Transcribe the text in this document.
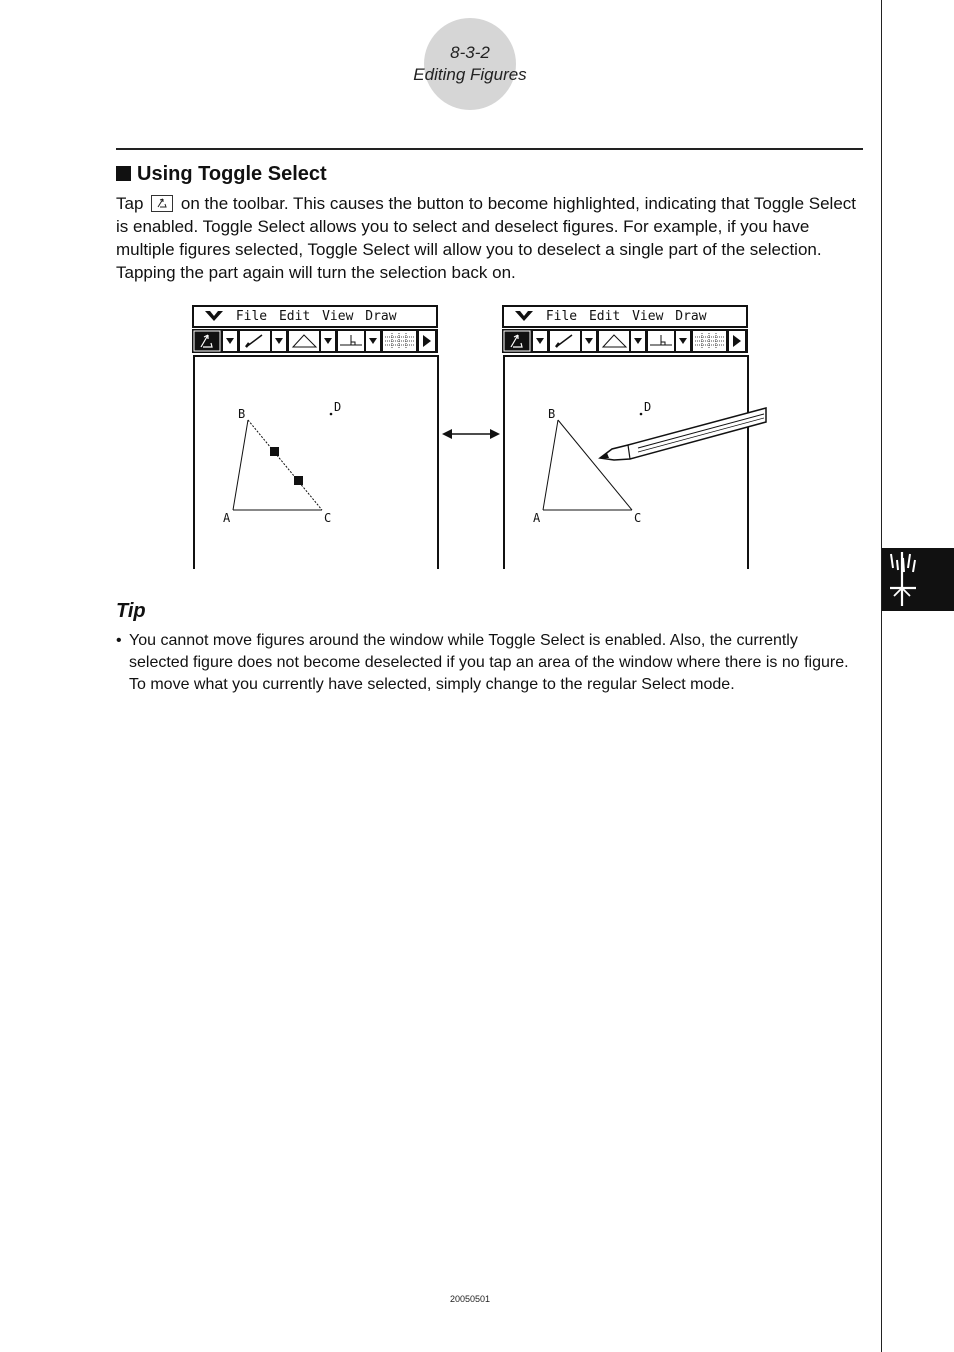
8-3-2
Editing Figures
Using Toggle Select
Tap on the toolbar. This causes the button to become highlighted, indicating that Toggle Select is enabled. Toggle Select allows you to select and deselect figures. For example, if you have multiple figures selected, Toggle Select will allow you to deselect a single part of the selection. Tapping the part again will turn the selection back on.
File Edit View Draw
B
A	C
D
File Edit View Draw
B
A	C
D
Tip
• You cannot move figures around the window while Toggle Select is enabled. Also, the currently selected figure does not become deselected if you tap an area of the window where there is no figure. To move what you currently have selected, simply change to the regular Select mode.
20050501
